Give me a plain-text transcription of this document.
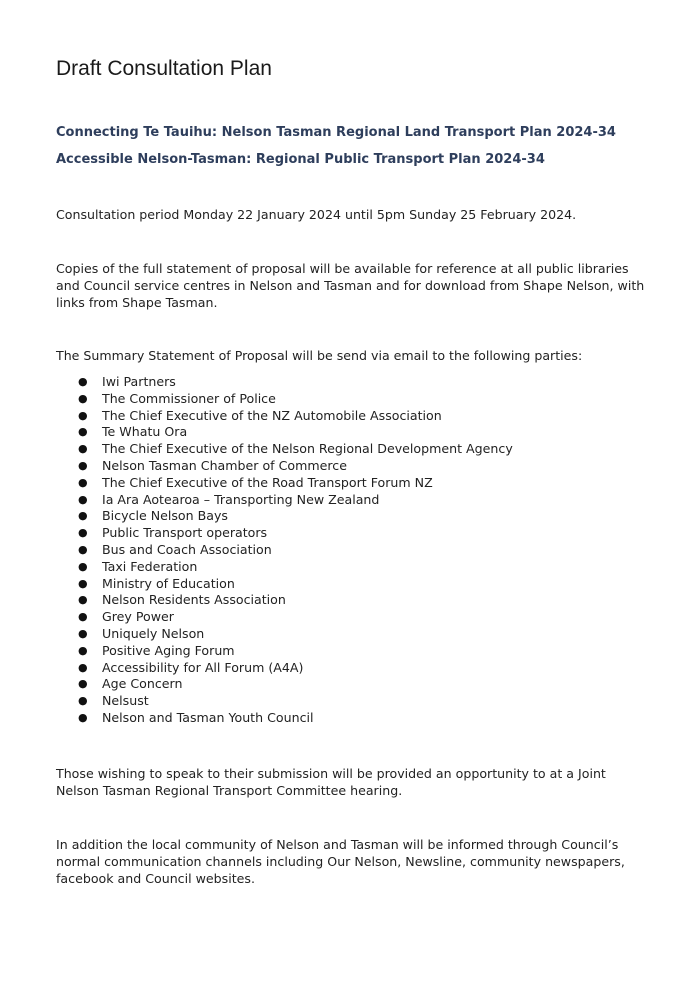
Draft Consultation Plan

Connecting Te Tauihu: Nelson Tasman Regional Land Transport Plan 2024-34

Accessible Nelson-Tasman: Regional Public Transport Plan 2024-34

Consultation period Monday 22 January 2024 until 5pm Sunday 25 February 2024.

Copies of the full statement of proposal will be available for reference at all public libraries and Council service centres in Nelson and Tasman and for download from Shape Nelson, with links from Shape Tasman.

The Summary Statement of Proposal will be send via email to the following parties:

● Iwi Partners
● The Commissioner of Police
● The Chief Executive of the NZ Automobile Association
● Te Whatu Ora
● The Chief Executive of the Nelson Regional Development Agency
● Nelson Tasman Chamber of Commerce
● The Chief Executive of the Road Transport Forum NZ
● Ia Ara Aotearoa – Transporting New Zealand
● Bicycle Nelson Bays
● Public Transport operators
● Bus and Coach Association
● Taxi Federation
● Ministry of Education
● Nelson Residents Association
● Grey Power
● Uniquely Nelson
● Positive Aging Forum
● Accessibility for All Forum (A4A)
● Age Concern
● Nelsust
● Nelson and Tasman Youth Council

Those wishing to speak to their submission will be provided an opportunity to at a Joint Nelson Tasman Regional Transport Committee hearing.

In addition the local community of Nelson and Tasman will be informed through Council’s normal communication channels including Our Nelson, Newsline, community newspapers, facebook and Council websites.
